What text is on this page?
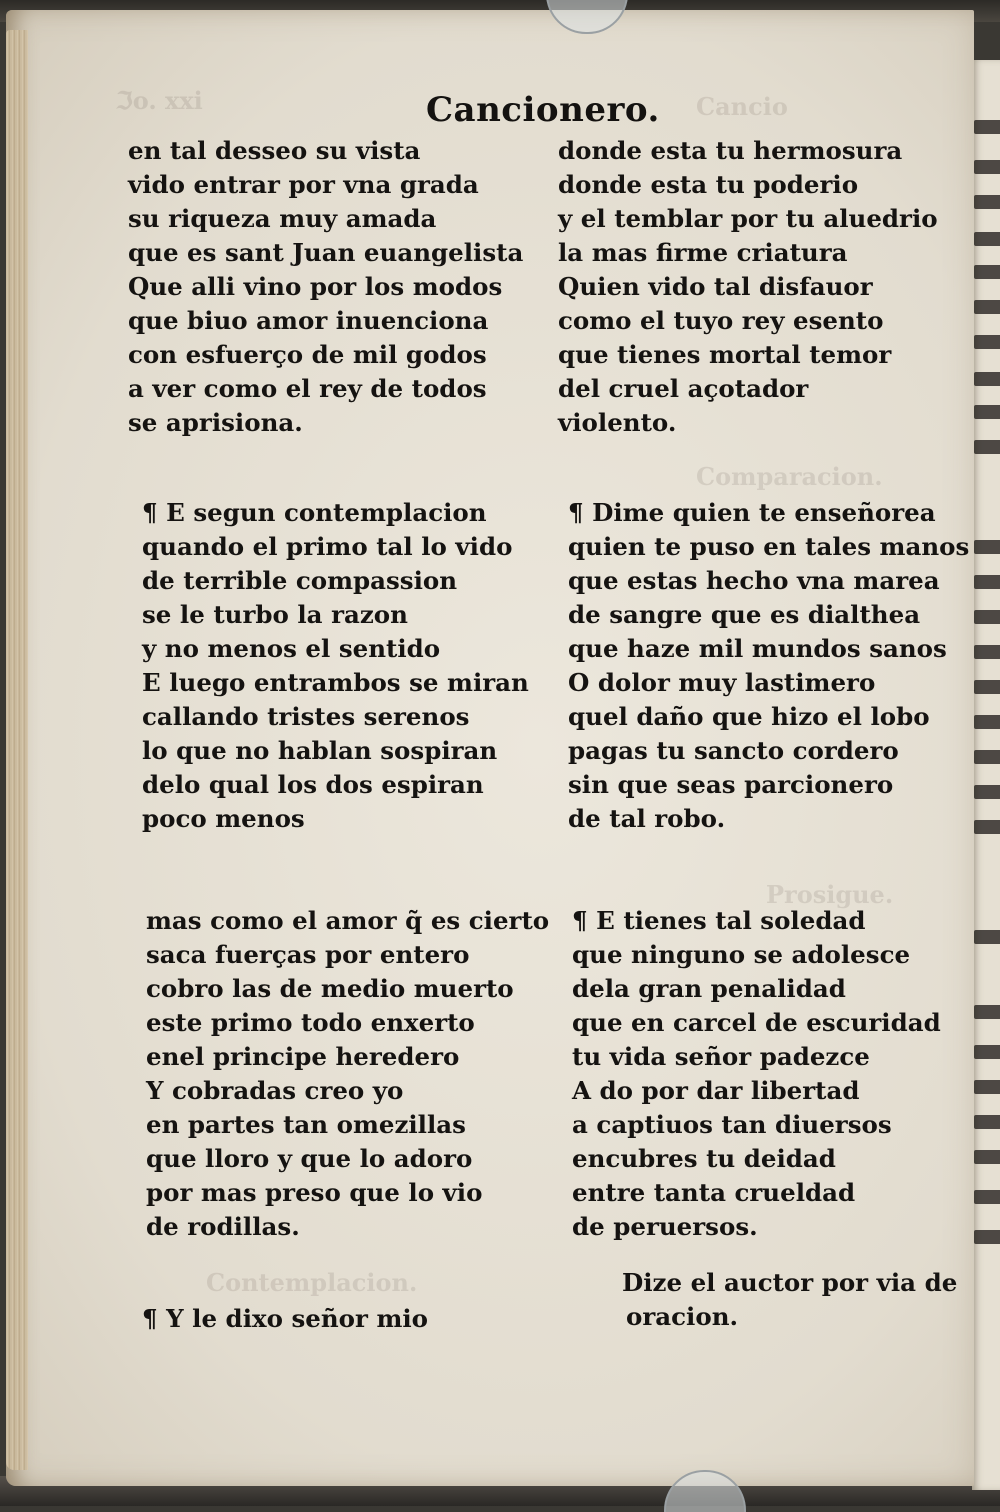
ℑo. xxi	Cancio
Comparacion.
Prosigue.
Contemplacion.
Cancionero.
en tal desseo su vista
vido entrar por vna grada
su riqueza muy amada
que es sant Juan euangelista
Que alli vino por los modos
que biuo amor inuenciona
con esfuerço de mil godos
a ver como el rey de todos
se aprisiona.
¶ E segun contemplacion
quando el primo tal lo vido
de terrible compassion
se le turbo la razon
y no menos el sentido
E luego entrambos se miran
callando tristes serenos
lo que no hablan sospiran
delo qual los dos espiran
poco menos
mas como el amor q̃ es cierto
saca fuerças por entero
cobro las de medio muerto
este primo todo enxerto
enel principe heredero
Y cobradas creo yo
en partes tan omezillas
que lloro y que lo adoro
por mas preso que lo vio
de rodillas.
¶ Y le dixo señor mio
donde esta tu hermosura
donde esta tu poderio
y el temblar por tu aluedrio
la mas firme criatura
Quien vido tal disfauor
como el tuyo rey esento
que tienes mortal temor
del cruel açotador
violento.
¶ Dime quien te enseñorea
quien te puso en tales manos
que estas hecho vna marea
de sangre que es dialthea
que haze mil mundos sanos
O dolor muy lastimero
quel daño que hizo el lobo
pagas tu sancto cordero
sin que seas parcionero
de tal robo.
¶ E tienes tal soledad
que ninguno se adolesce
dela gran penalidad
que en carcel de escuridad
tu vida señor padezce
A do por dar libertad
a captiuos tan diuersos
encubres tu deidad
entre tanta crueldad
de peruersos.
Dize el auctor por via de
oracion.
